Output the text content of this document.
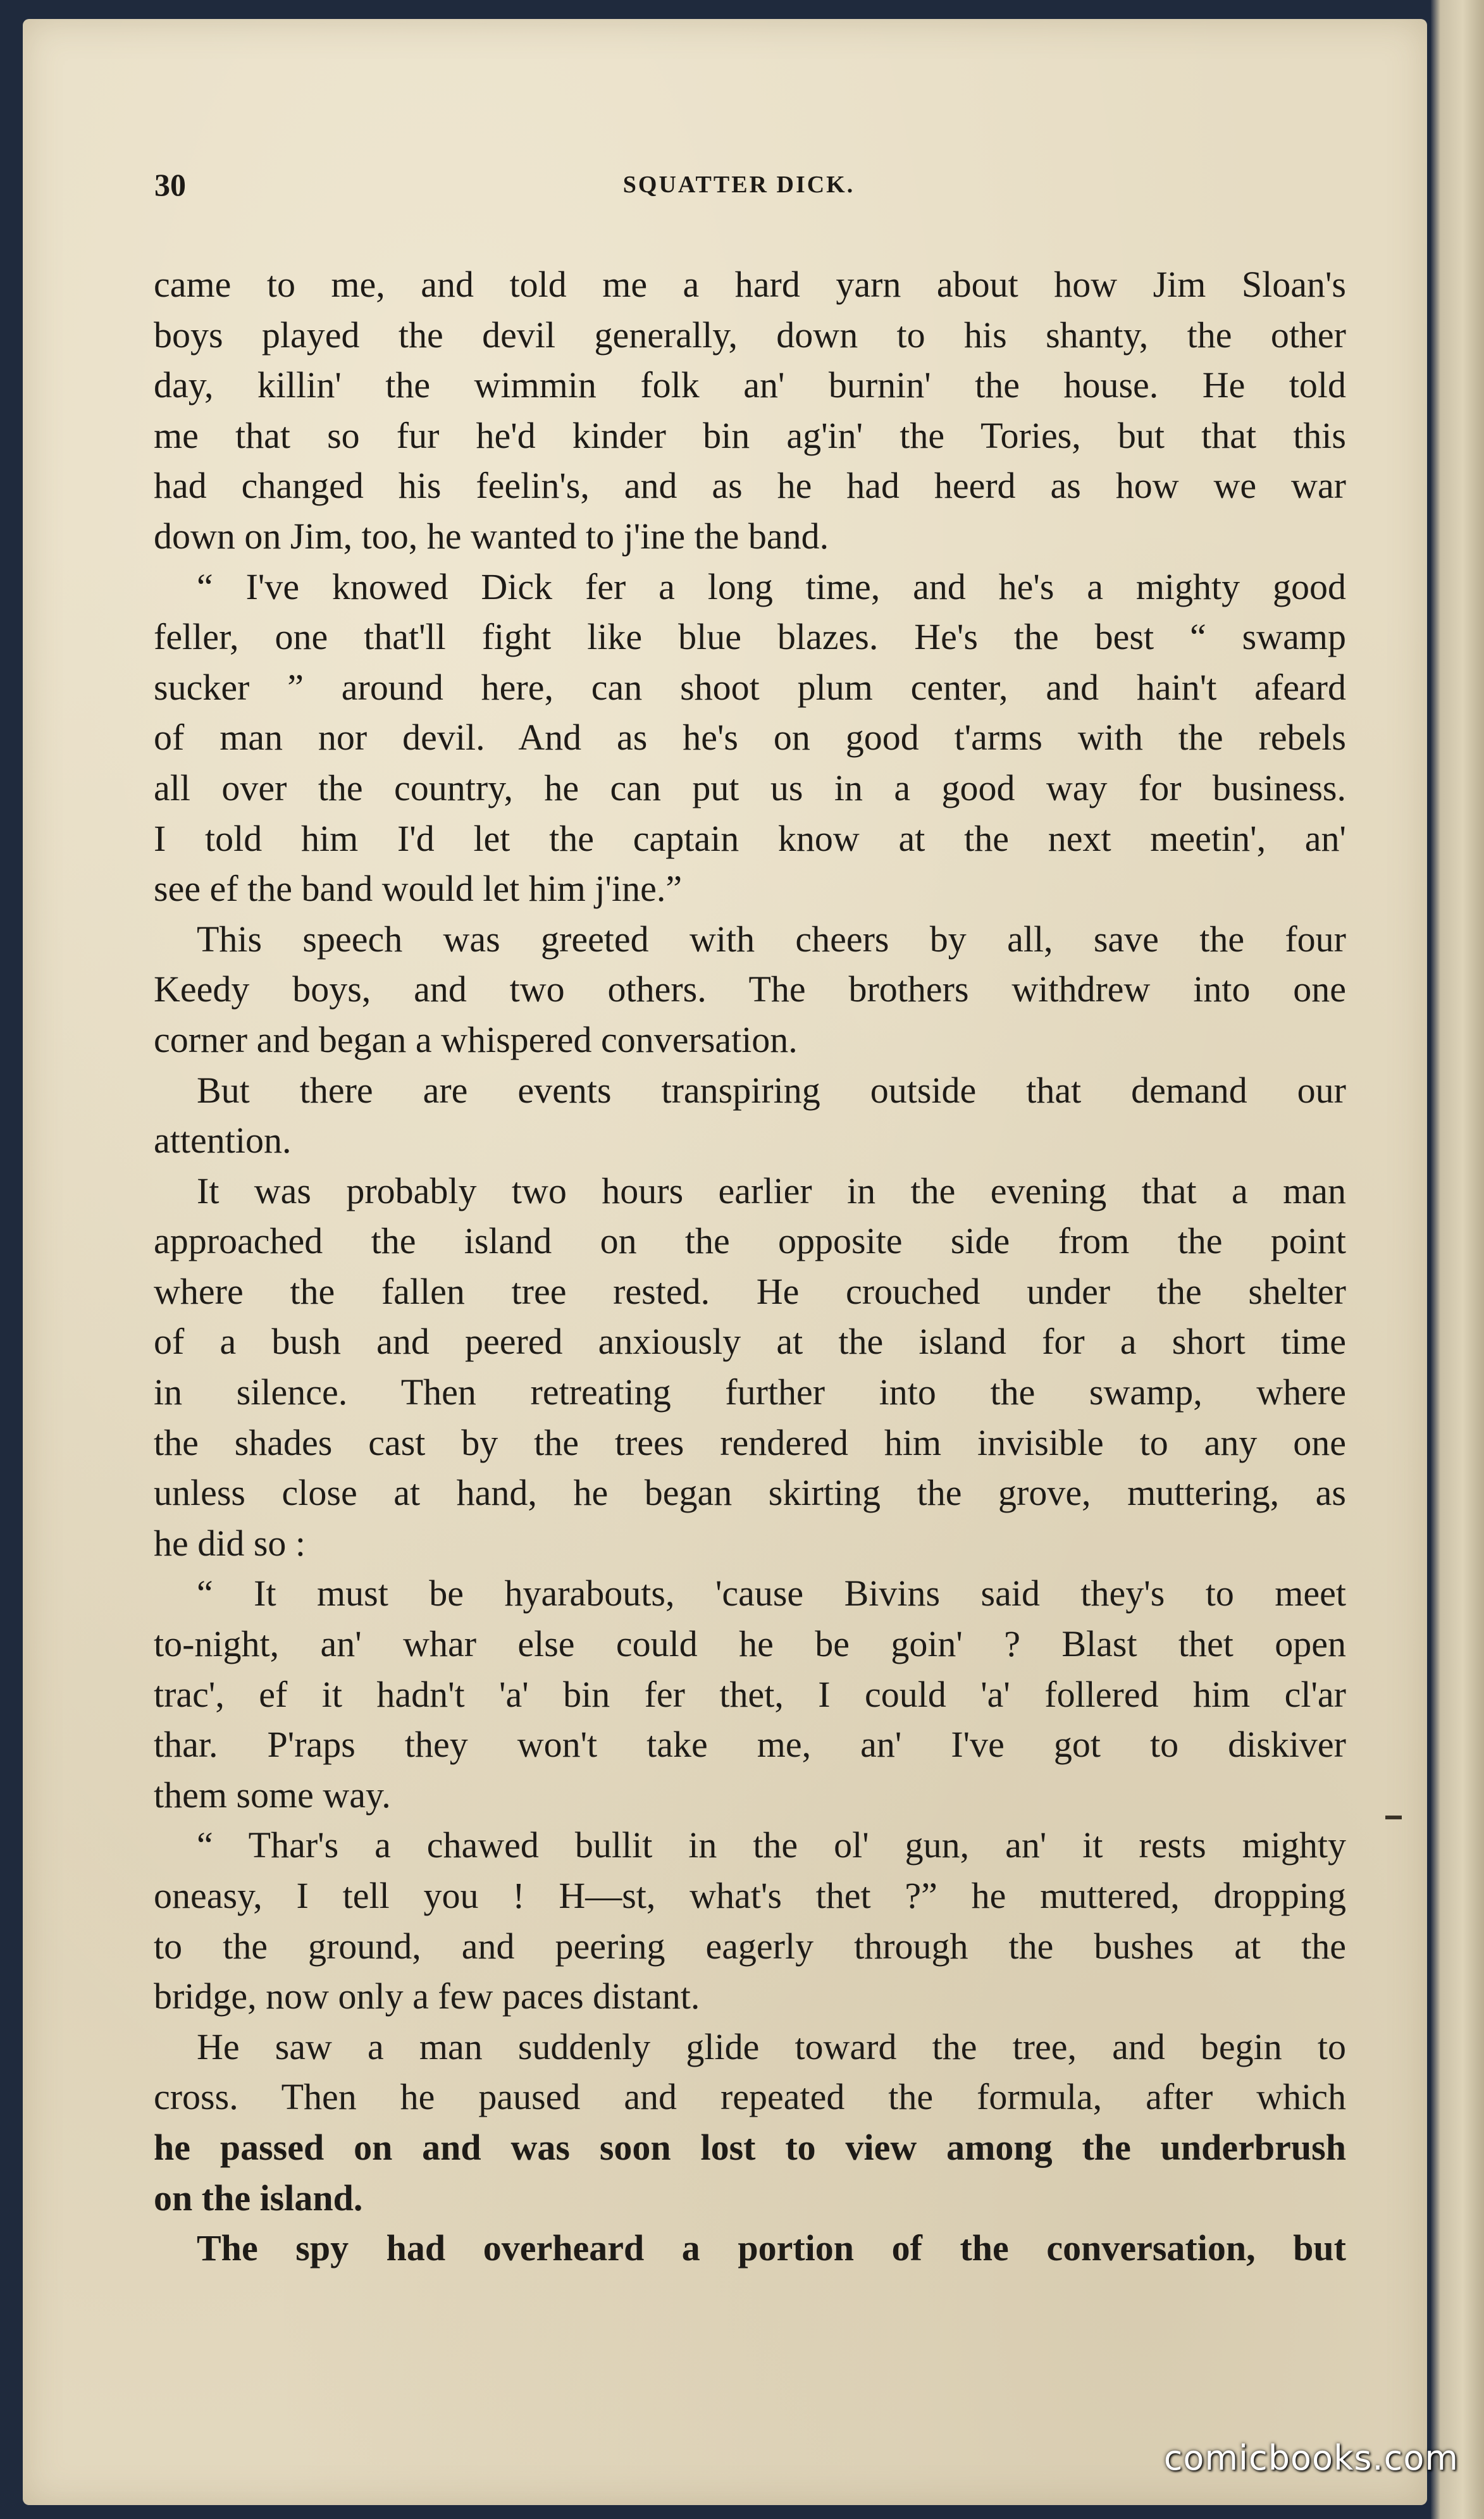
30	SQUATTER DICK.
came to me, and told me a hard yarn about how Jim Sloan's
boys played the devil generally, down to his shanty, the other
day, killin' the wimmin folk an' burnin' the house. He told
me that so fur he'd kinder bin ag'in' the Tories, but that this
had changed his feelin's, and as he had heerd as how we war
down on Jim, too, he wanted to j'ine the band.
“ I've knowed Dick fer a long time, and he's a mighty good
feller, one that'll fight like blue blazes. He's the best “ swamp
sucker ” around here, can shoot plum center, and hain't afeard
of man nor devil. And as he's on good t'arms with the rebels
all over the country, he can put us in a good way for business.
I told him I'd let the captain know at the next meetin', an'
see ef the band would let him j'ine.”
This speech was greeted with cheers by all, save the four
Keedy boys, and two others. The brothers withdrew into one
corner and began a whispered conversation.
But there are events transpiring outside that demand our
attention.
It was probably two hours earlier in the evening that a man
approached the island on the opposite side from the point
where the fallen tree rested. He crouched under the shelter
of a bush and peered anxiously at the island for a short time
in silence. Then retreating further into the swamp, where
the shades cast by the trees rendered him invisible to any one
unless close at hand, he began skirting the grove, muttering, as
he did so :
“ It must be hyarabouts, 'cause Bivins said they's to meet
to-night, an' whar else could he be goin' ? Blast thet open
trac', ef it hadn't 'a' bin fer thet, I could 'a' follered him cl'ar
thar. P'raps they won't take me, an' I've got to diskiver
them some way.
“ Thar's a chawed bullit in the ol' gun, an' it rests mighty
oneasy, I tell you ! H—st, what's thet ?” he muttered, dropping
to the ground, and peering eagerly through the bushes at the
bridge, now only a few paces distant.
He saw a man suddenly glide toward the tree, and begin to
cross. Then he paused and repeated the formula, after which
he passed on and was soon lost to view among the underbrush
on the island.
The spy had overheard a portion of the conversation, but
comicbooks.com
